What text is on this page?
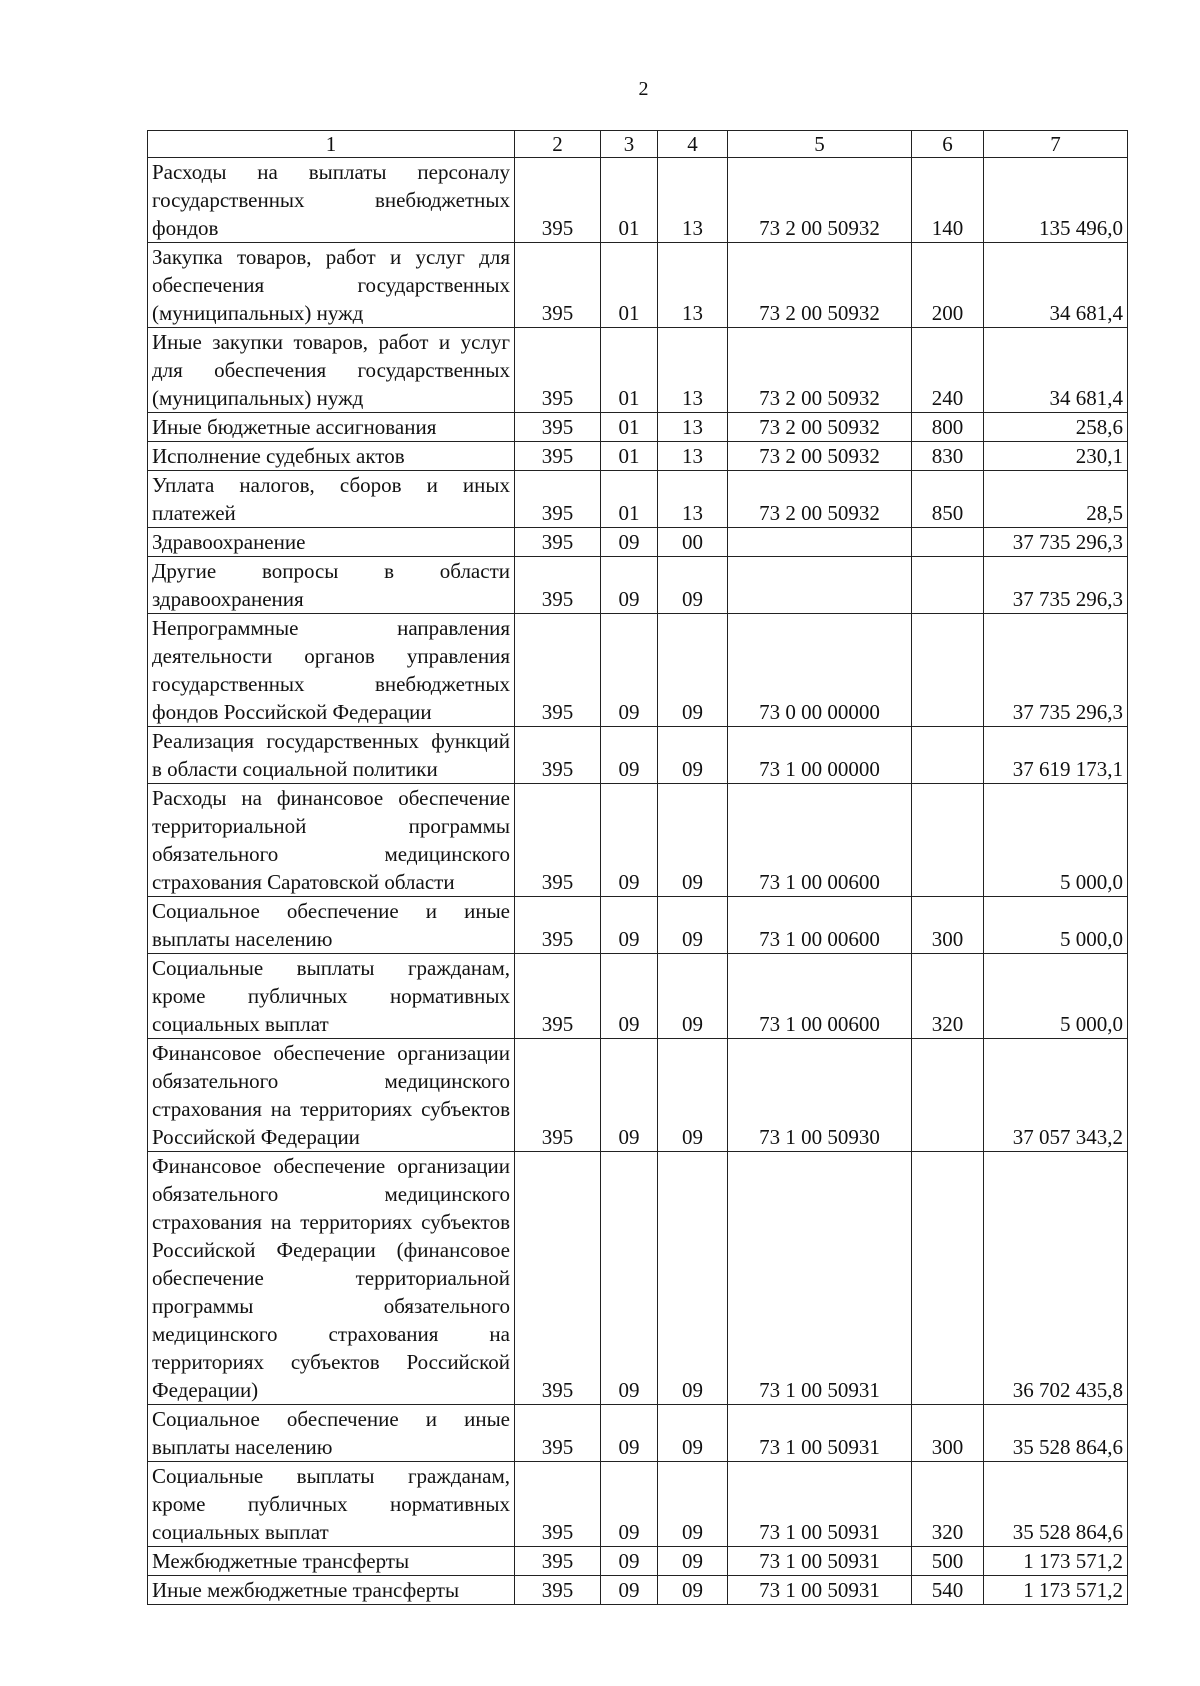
2
1	2	3	4	5	6	7
Расходы на выплаты персоналу государственных внебюджетных фондов	395	01	13	73 2 00 50932	140	135 496,0
Закупка товаров, работ и услуг для обеспечения государственных (муниципальных) нужд	395	01	13	73 2 00 50932	200	34 681,4
Иные закупки товаров, работ и услуг для обеспечения государственных (муниципальных) нужд	395	01	13	73 2 00 50932	240	34 681,4
Иные бюджетные ассигнования	395	01	13	73 2 00 50932	800	258,6
Исполнение судебных актов	395	01	13	73 2 00 50932	830	230,1
Уплата налогов, сборов и иных платежей	395	01	13	73 2 00 50932	850	28,5
Здравоохранение	395	09	00			37 735 296,3
Другие вопросы в области здравоохранения	395	09	09			37 735 296,3
Непрограммные направления деятельности органов управления государственных внебюджетных фондов Российской Федерации	395	09	09	73 0 00 00000		37 735 296,3
Реализация государственных функций в области социальной политики	395	09	09	73 1 00 00000		37 619 173,1
Расходы на финансовое обеспечение территориальной программы обязательного медицинского страхования Саратовской области	395	09	09	73 1 00 00600		5 000,0
Социальное обеспечение и иные выплаты населению	395	09	09	73 1 00 00600	300	5 000,0
Социальные выплаты гражданам, кроме публичных нормативных социальных выплат	395	09	09	73 1 00 00600	320	5 000,0
Финансовое обеспечение организации обязательного медицинского страхования на территориях субъектов Российской Федерации	395	09	09	73 1 00 50930		37 057 343,2
Финансовое обеспечение организации обязательного медицинского страхования на территориях субъектов Российской Федерации (финансовое обеспечение территориальной программы обязательного медицинского страхования на территориях субъектов Российской Федерации)	395	09	09	73 1 00 50931		36 702 435,8
Социальное обеспечение и иные выплаты населению	395	09	09	73 1 00 50931	300	35 528 864,6
Социальные выплаты гражданам, кроме публичных нормативных социальных выплат	395	09	09	73 1 00 50931	320	35 528 864,6
Межбюджетные трансферты	395	09	09	73 1 00 50931	500	1 173 571,2
Иные межбюджетные трансферты	395	09	09	73 1 00 50931	540	1 173 571,2
